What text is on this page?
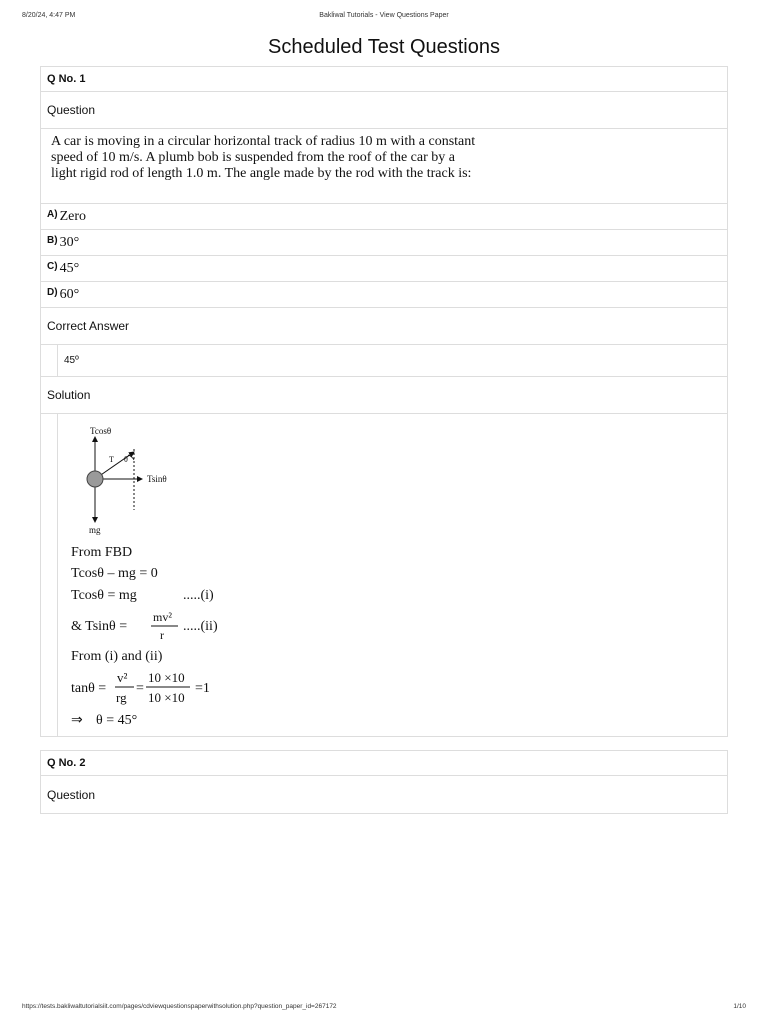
8/20/24, 4:47 PM	Bakliwal Tutorials - View Questions Paper
Scheduled Test Questions
Q No. 1
Question
A car is moving in a circular horizontal track of radius 10 m with a constant speed of 10 m/s. A plumb bob is suspended from the roof of the car by a light rigid rod of length 1.0 m. The angle made by the rod with the track is:
A) Zero
B) 30°
C) 45°
D) 60°
Correct Answer
45º
Solution
Tcosθ
T θ
Tsinθ
mg
From FBD
Tcosθ – mg = 0
Tcosθ = mg	.....(i)
& Tsinθ =
mv²
r
.....(ii)
From (i) and (ii)
tanθ =
v²
rg
=
10 ×10
10 ×10
=1
⇒ θ = 45°
Q No. 2
Question
https://tests.bakliwaltutorialsiit.com/pages/cdviewquestionspaperwithsolution.php?question_paper_id=267172	1/10
